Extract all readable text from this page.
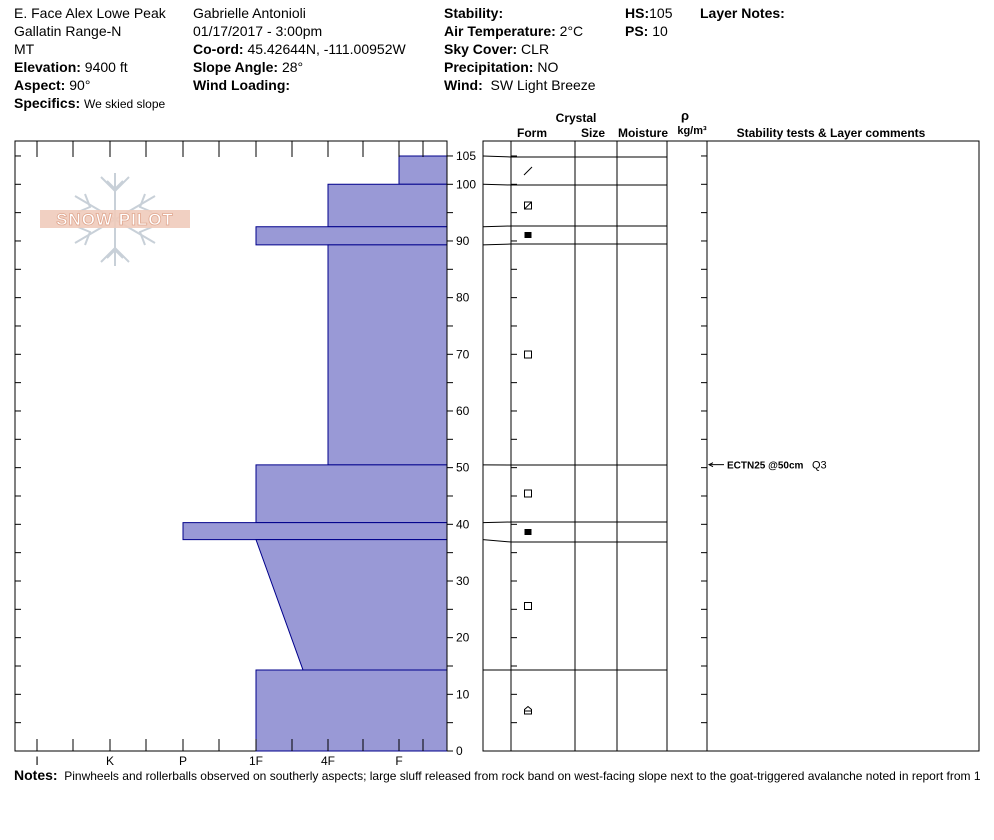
E. Face Alex Lowe Peak
Gallatin Range-N
MT
Elevation: 9400 ft
Aspect: 90°
Specifics: We skied slope
Gabrielle Antonioli
01/17/2017 - 3:00pm
Co-ord: 45.42644N, -111.00952W
Slope Angle: 28°
Wind Loading:
Stability:
Air Temperature: 2°C
Sky Cover: CLR
Precipitation: NO
Wind: SW Light Breeze
HS:105
PS: 10
Layer Notes:
SNOW PILOT
I	K	P	1F	4F	F
0
10
20
30
40
50
60
70
80
90
100
105
ECTN25 @50cm Q3
Crystal
Form	Size Moisture
ρ
kg/m³ Stability tests & Layer comments
Notes: Pinwheels and rollerballs observed on southerly aspects; large sluff released from rock band on west-facing slope next to the goat-triggered avalanche noted in report from 1
